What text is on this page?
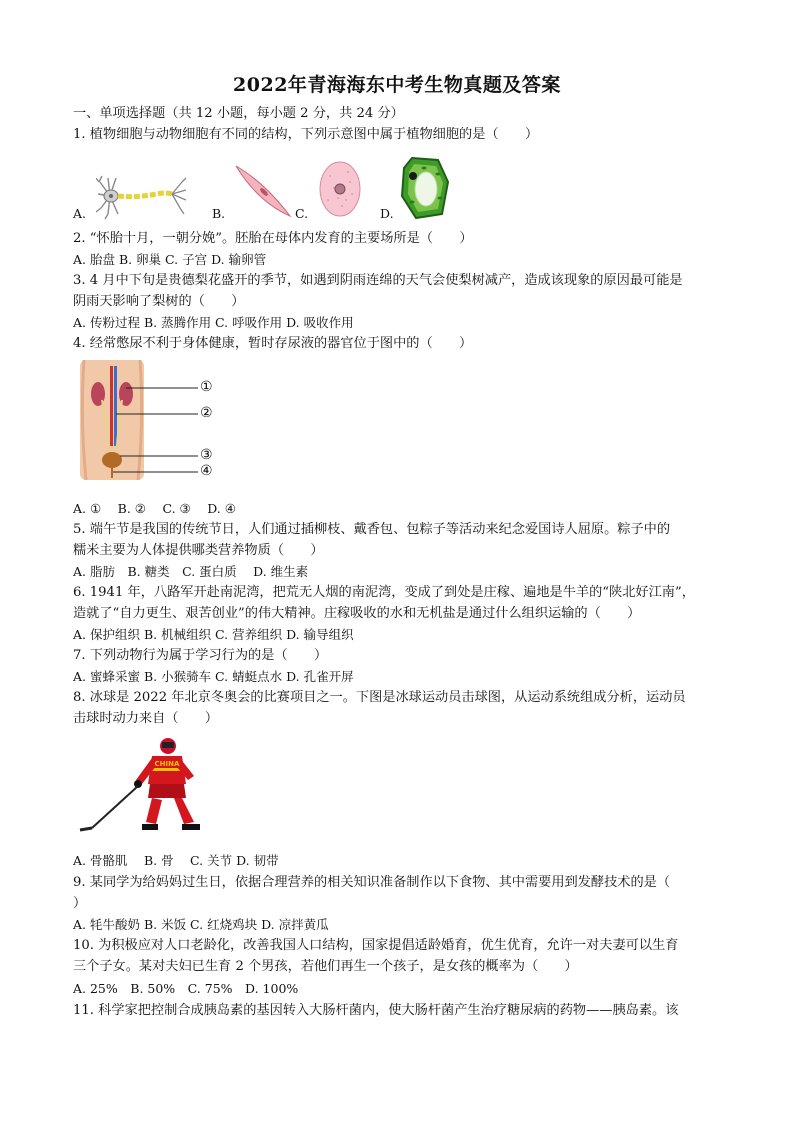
2022年青海海东中考生物真题及答案
一、单项选择题（共 12 小题，每小题 2 分，共 24 分）
1. 植物细胞与动物细胞有不同的结构，下列示意图中属于植物细胞的是（　　）
A.	B.	C.	D.
2. “怀胎十月，一朝分娩”。胚胎在母体内发育的主要场所是（　　）
A. 胎盘 B. 卵巢 C. 子宫 D. 输卵管
3. 4 月中下旬是贵德梨花盛开的季节，如遇到阴雨连绵的天气会使梨树减产，造成该现象的原因最可能是
阴雨天影响了梨树的（　　）
A. 传粉过程 B. 蒸腾作用 C. 呼吸作用 D. 吸收作用
4. 经常憋尿不利于身体健康，暂时存尿液的器官位于图中的（　　）
①
②
③
④
A. ①　 B. ②　 C. ③　 D. ④
5. 端午节是我国的传统节日，人们通过插柳枝、戴香包、包粽子等活动来纪念爱国诗人屈原。粽子中的
糯米主要为人体提供哪类营养物质（　　）
A. 脂肪　B. 糖类　C. 蛋白质　 D. 维生素
6. 1941 年，八路军开赴南泥湾，把荒无人烟的南泥湾，变成了到处是庄稼、遍地是牛羊的“陕北好江南”，
造就了“自力更生、艰苦创业”的伟大精神。庄稼吸收的水和无机盐是通过什么组织运输的（　　）
A. 保护组织 B. 机械组织 C. 营养组织 D. 输导组织
7. 下列动物行为属于学习行为的是（　　）
A. 蜜蜂采蜜 B. 小猴骑车 C. 蜻蜓点水 D. 孔雀开屏
8. 冰球是 2022 年北京冬奥会的比赛项目之一。下图是冰球运动员击球图，从运动系统组成分析，运动员
击球时动力来自（　　）
CHINA
A. 骨骼肌　 B. 骨　 C. 关节 D. 韧带
9. 某同学为给妈妈过生日，依据合理营养的相关知识准备制作以下食物、其中需要用到发酵技术的是（
）
A. 牦牛酸奶 B. 米饭 C. 红烧鸡块 D. 凉拌黄瓜
10. 为积极应对人口老龄化，改善我国人口结构，国家提倡适龄婚育，优生优育，允许一对夫妻可以生育
三个子女。某对夫妇已生育 2 个男孩，若他们再生一个孩子，是女孩的概率为（　　）
A. 25%　B. 50%　C. 75%　D. 100%
11. 科学家把控制合成胰岛素的基因转入大肠杆菌内，使大肠杆菌产生治疗糖尿病的药物——胰岛素。该
